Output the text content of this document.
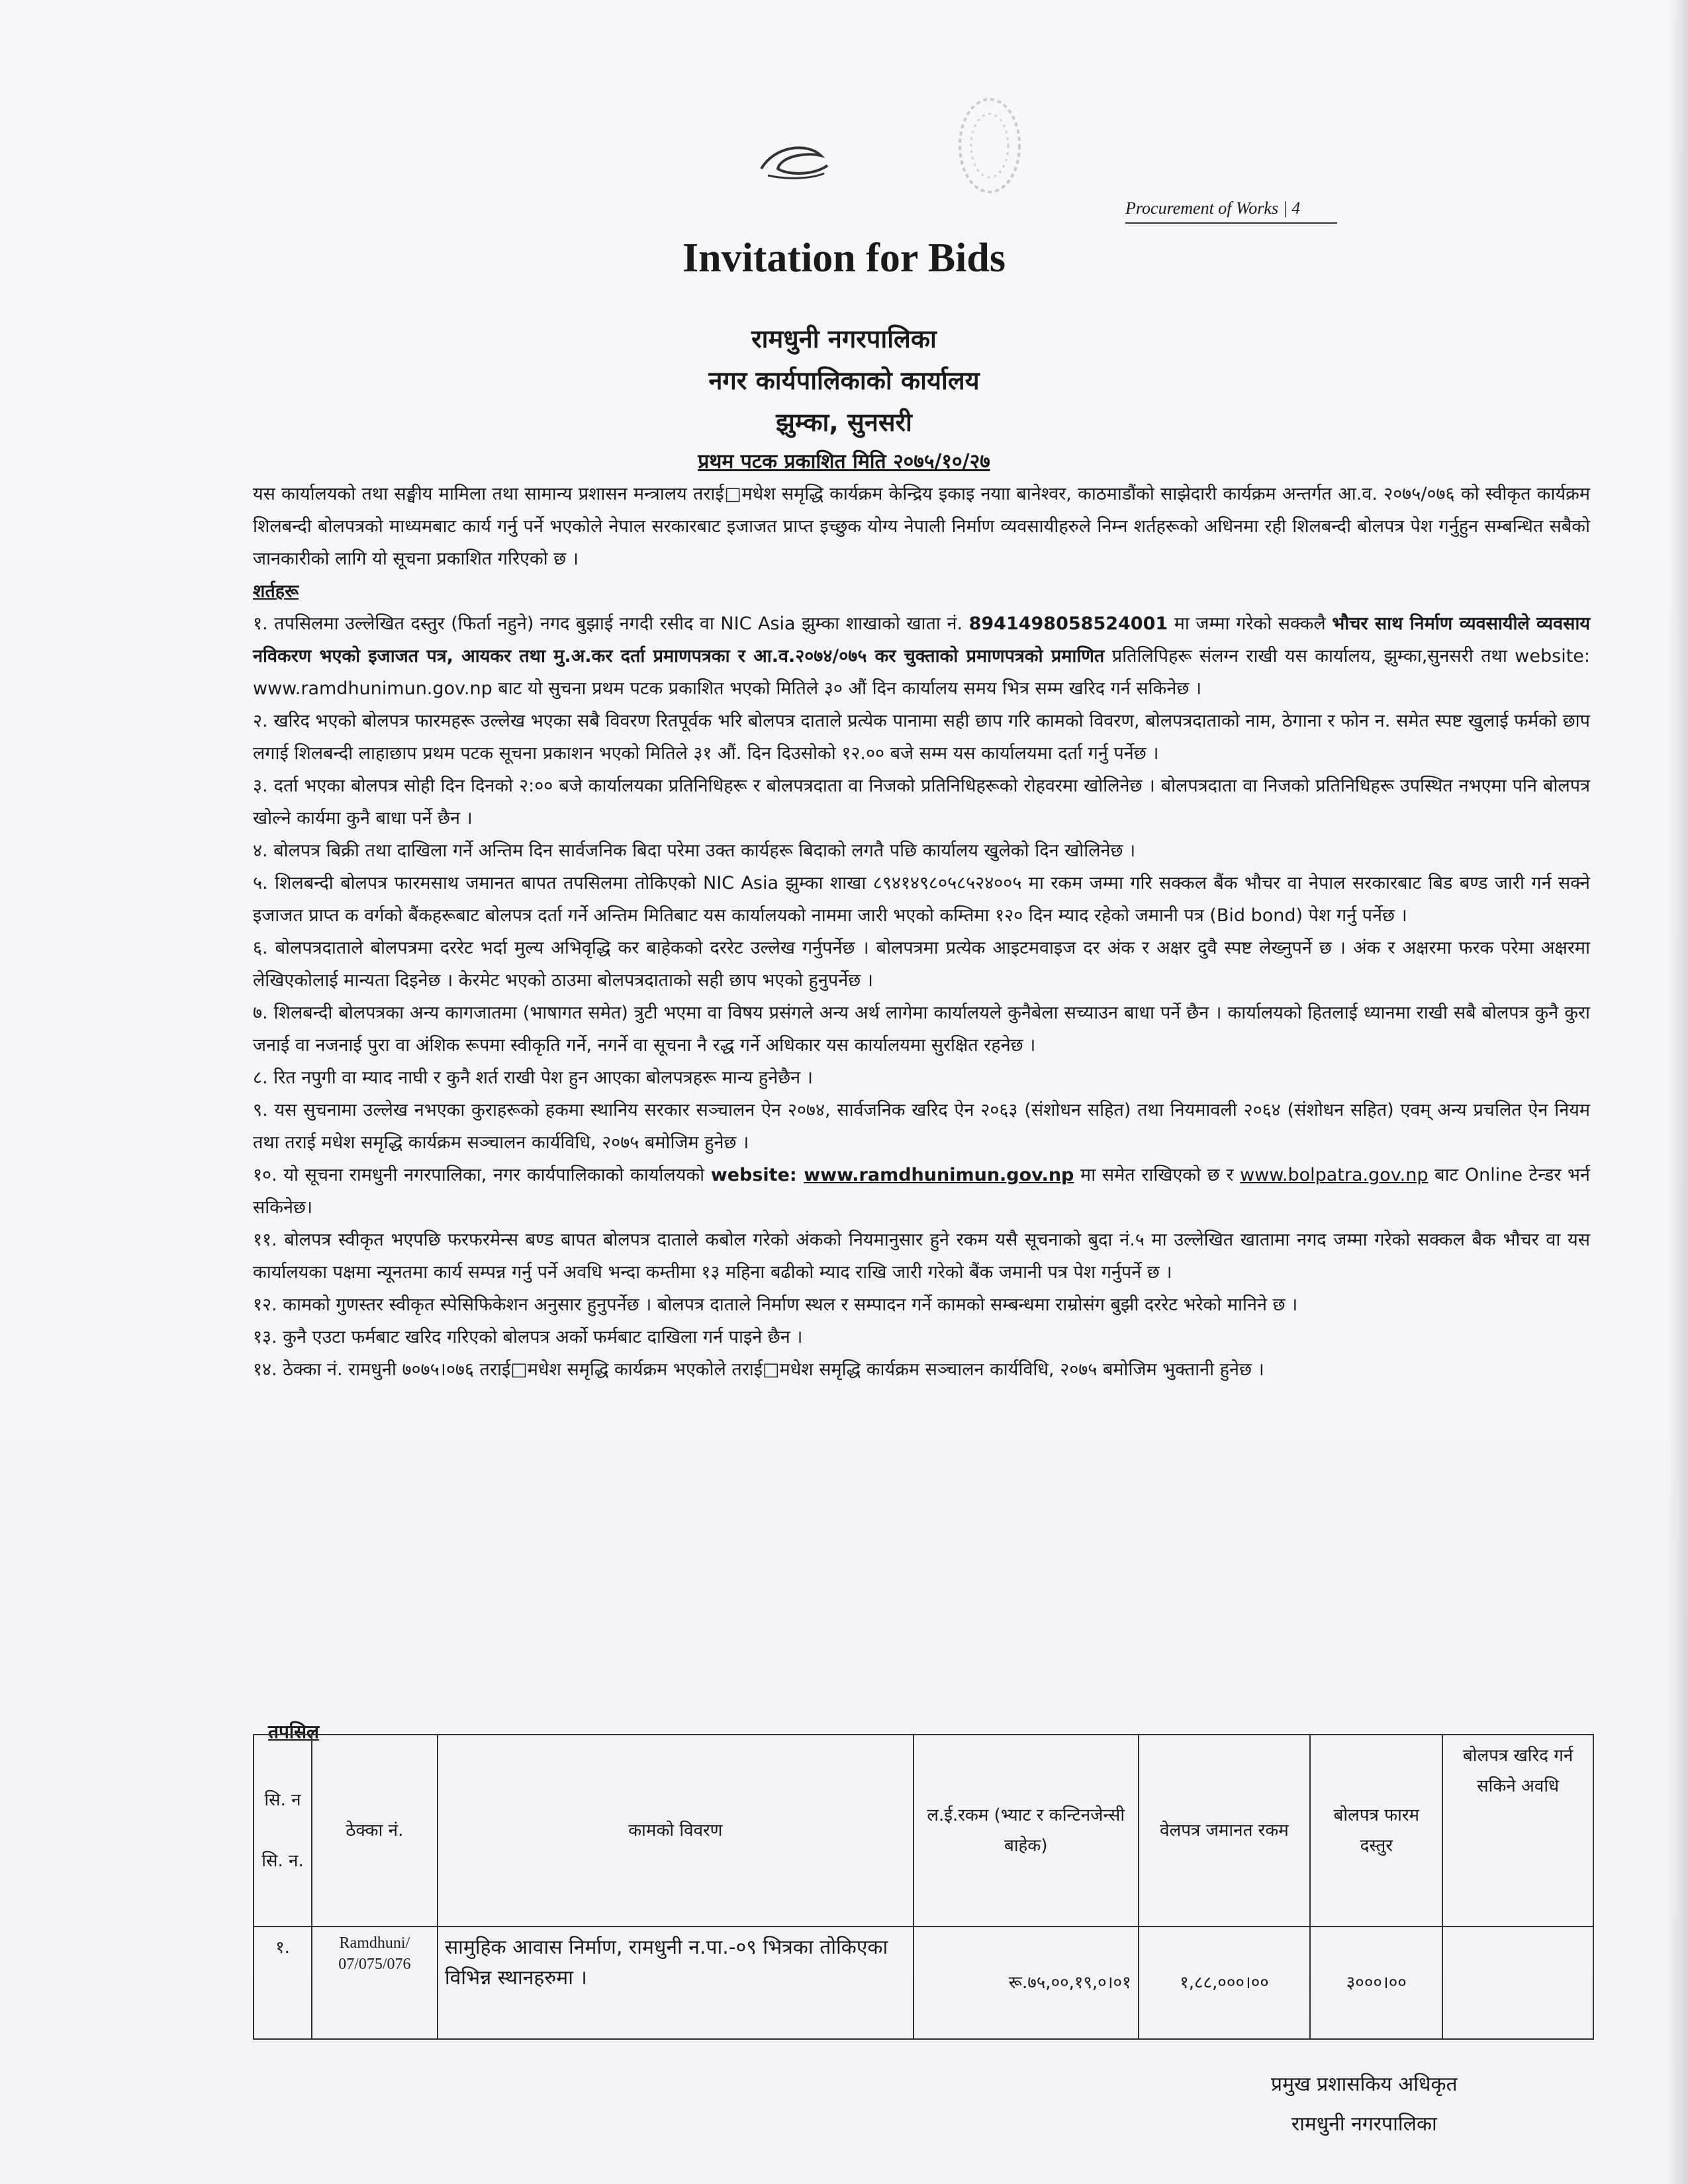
Procurement of Works | 4
Invitation for Bids
रामधुनी नगरपालिका
नगर कार्यपालिकाको कार्यालय
झुम्का, सुनसरी
प्रथम पटक प्रकाशित मिति २०७५/१०/२७

यस कार्यालयको तथा सङ्घीय मामिला तथा सामान्य प्रशासन मन्त्रालय तराई□मधेश समृद्धि कार्यक्रम केन्द्रिय इकाइ नयाा बानेश्वर, काठमाडौंको साझेदारी कार्यक्रम अन्तर्गत आ.व. २०७५/०७६ को स्वीकृत कार्यक्रम शिलबन्दी बोलपत्रको माध्यमबाट कार्य गर्नु पर्ने भएकोले नेपाल सरकारबाट इजाजत प्राप्त इच्छुक योग्य नेपाली निर्माण व्यवसायीहरुले निम्न शर्तहरूको अधिनमा रही शिलबन्दी बोलपत्र पेश गर्नुहुन सम्बन्धित सबैको जानकारीको लागि यो सूचना प्रकाशित गरिएको छ ।

शर्तहरू

१. तपसिलमा उल्लेखित दस्तुर (फिर्ता नहुने) नगद बुझाई नगदी रसीद वा NIC Asia झुम्का शाखाको खाता नं. 8941498058524001 मा जम्मा गरेको सक्कलै भौचर साथ निर्माण व्यवसायीले व्यवसाय नविकरण भएको इजाजत पत्र, आयकर तथा मु.अ.कर दर्ता प्रमाणपत्रका र आ.व.२०७४/०७५ कर चुक्ताको प्रमाणपत्रको प्रमाणित प्रतिलिपिहरू संलग्न राखी यस कार्यालय, झुम्का,सुनसरी तथा website: www.ramdhunimun.gov.np बाट यो सुचना प्रथम पटक प्रकाशित भएको मितिले ३० औं दिन कार्यालय समय भित्र सम्म खरिद गर्न सकिनेछ ।

२. खरिद भएको बोलपत्र फारमहरू उल्लेख भएका सबै विवरण रितपूर्वक भरि बोलपत्र दाताले प्रत्येक पानामा सही छाप गरि कामको विवरण, बोलपत्रदाताको नाम, ठेगाना र फोन न. समेत स्पष्ट खुलाई फर्मको छाप लगाई शिलबन्दी लाहाछाप प्रथम पटक सूचना प्रकाशन भएको मितिले ३१ औं. दिन दिउसोको १२.०० बजे सम्म यस कार्यालयमा दर्ता गर्नु पर्नेछ ।

३. दर्ता भएका बोलपत्र सोही दिन दिनको २:०० बजे कार्यालयका प्रतिनिधिहरू र बोलपत्रदाता वा निजको प्रतिनिधिहरूको रोहवरमा खोलिनेछ । बोलपत्रदाता वा निजको प्रतिनिधिहरू उपस्थित नभएमा पनि बोलपत्र खोल्ने कार्यमा कुनै बाधा पर्ने छैन ।

४. बोलपत्र बिक्री तथा दाखिला गर्ने अन्तिम दिन सार्वजनिक बिदा परेमा उक्त कार्यहरू बिदाको लगतै पछि कार्यालय खुलेको दिन खोलिनेछ ।

५. शिलबन्दी बोलपत्र फारमसाथ जमानत बापत तपसिलमा तोकिएको NIC Asia झुम्का शाखा ८९४१४९८०५८५२४००५ मा रकम जम्मा गरि सक्कल बैंक भौचर वा नेपाल सरकारबाट बिड बण्ड जारी गर्न सक्ने इजाजत प्राप्त क वर्गको बैंकहरूबाट बोलपत्र दर्ता गर्ने अन्तिम मितिबाट यस कार्यालयको नाममा जारी भएको कम्तिमा १२० दिन म्याद रहेको जमानी पत्र (Bid bond) पेश गर्नु पर्नेछ ।

६. बोलपत्रदाताले बोलपत्रमा दररेट भर्दा मुल्य अभिवृद्धि कर बाहेकको दररेट उल्लेख गर्नुपर्नेछ । बोलपत्रमा प्रत्येक आइटमवाइज दर अंक र अक्षर दुवै स्पष्ट लेख्नुपर्ने छ । अंक र अक्षरमा फरक परेमा अक्षरमा लेखिएकोलाई मान्यता दिइनेछ । केरमेट भएको ठाउमा बोलपत्रदाताको सही छाप भएको हुनुपर्नेछ ।

७. शिलबन्दी बोलपत्रका अन्य कागजातमा (भाषागत समेत) त्रुटी भएमा वा विषय प्रसंगले अन्य अर्थ लागेमा कार्यालयले कुनैबेला सच्याउन बाधा पर्ने छैन । कार्यालयको हितलाई ध्यानमा राखी सबै बोलपत्र कुनै कुरा जनाई वा नजनाई पुरा वा अंशिक रूपमा स्वीकृति गर्ने, नगर्ने वा सूचना नै रद्ध गर्ने अधिकार यस कार्यालयमा सुरक्षित रहनेछ ।

८. रित नपुगी वा म्याद नाघी र कुनै शर्त राखी पेश हुन आएका बोलपत्रहरू मान्य हुनेछैन ।

९. यस सुचनामा उल्लेख नभएका कुराहरूको हकमा स्थानिय सरकार सञ्चालन ऐन २०७४, सार्वजनिक खरिद ऐन २०६३ (संशोधन सहित) तथा नियमावली २०६४ (संशोधन सहित) एवम् अन्य प्रचलित ऐन नियम तथा तराई मधेश समृद्धि कार्यक्रम सञ्चालन कार्यविधि, २०७५ बमोजिम हुनेछ ।

१०. यो सूचना रामधुनी नगरपालिका, नगर कार्यपालिकाको कार्यालयको website: www.ramdhunimun.gov.np मा समेत राखिएको छ र www.bolpatra.gov.np बाट Online टेन्डर भर्न सकिनेछ।

११. बोलपत्र स्वीकृत भएपछि फरफरमेन्स बण्ड बापत बोलपत्र दाताले कबोल गरेको अंकको नियमानुसार हुने रकम यसै सूचनाको बुदा नं.५ मा उल्लेखित खातामा नगद जम्मा गरेको सक्कल बैक भौचर वा यस कार्यालयका पक्षमा न्यूनतमा कार्य सम्पन्न गर्नु पर्ने अवधि भन्दा कम्तीमा १३ महिना बढीको म्याद राखि जारी गरेको बैंक जमानी पत्र पेश गर्नुपर्ने छ ।

१२. कामको गुणस्तर स्वीकृत स्पेसिफिकेशन अनुसार हुनुपर्नेछ । बोलपत्र दाताले निर्माण स्थल र सम्पादन गर्ने कामको सम्बन्धमा राम्रोसंग बुझी दररेट भरेको मानिने छ ।

१३. कुनै एउटा फर्मबाट खरिद गरिएको बोलपत्र अर्को फर्मबाट दाखिला गर्न पाइने छैन ।

१४. ठेक्का नं. रामधुनी ७०७५।०७६ तराई□मधेश समृद्धि कार्यक्रम भएकोले तराई□मधेश समृद्धि कार्यक्रम सञ्चालन कार्यविधि, २०७५ बमोजिम भुक्तानी हुनेछ ।

तपसिल
सि. न

सि. न.	ठेक्का नं.	कामको विवरण	ल.ई.रकम (भ्याट र कन्टिनजेन्सी बाहेक)	वेलपत्र जमानत रकम	बोलपत्र फारम दस्तुर	बोलपत्र खरिद गर्न सकिने अवधि
१.	Ramdhuni/ 07/075/076	सामुहिक आवास निर्माण, रामधुनी न.पा.-०९ भित्रका तोकिएका विभिन्न स्थानहरुमा ।	रू.७५,००,१९,०।०१	१,८८,०००।००	३०००।००	
प्रमुख प्रशासकिय अधिकृत
रामधुनी नगरपालिका
